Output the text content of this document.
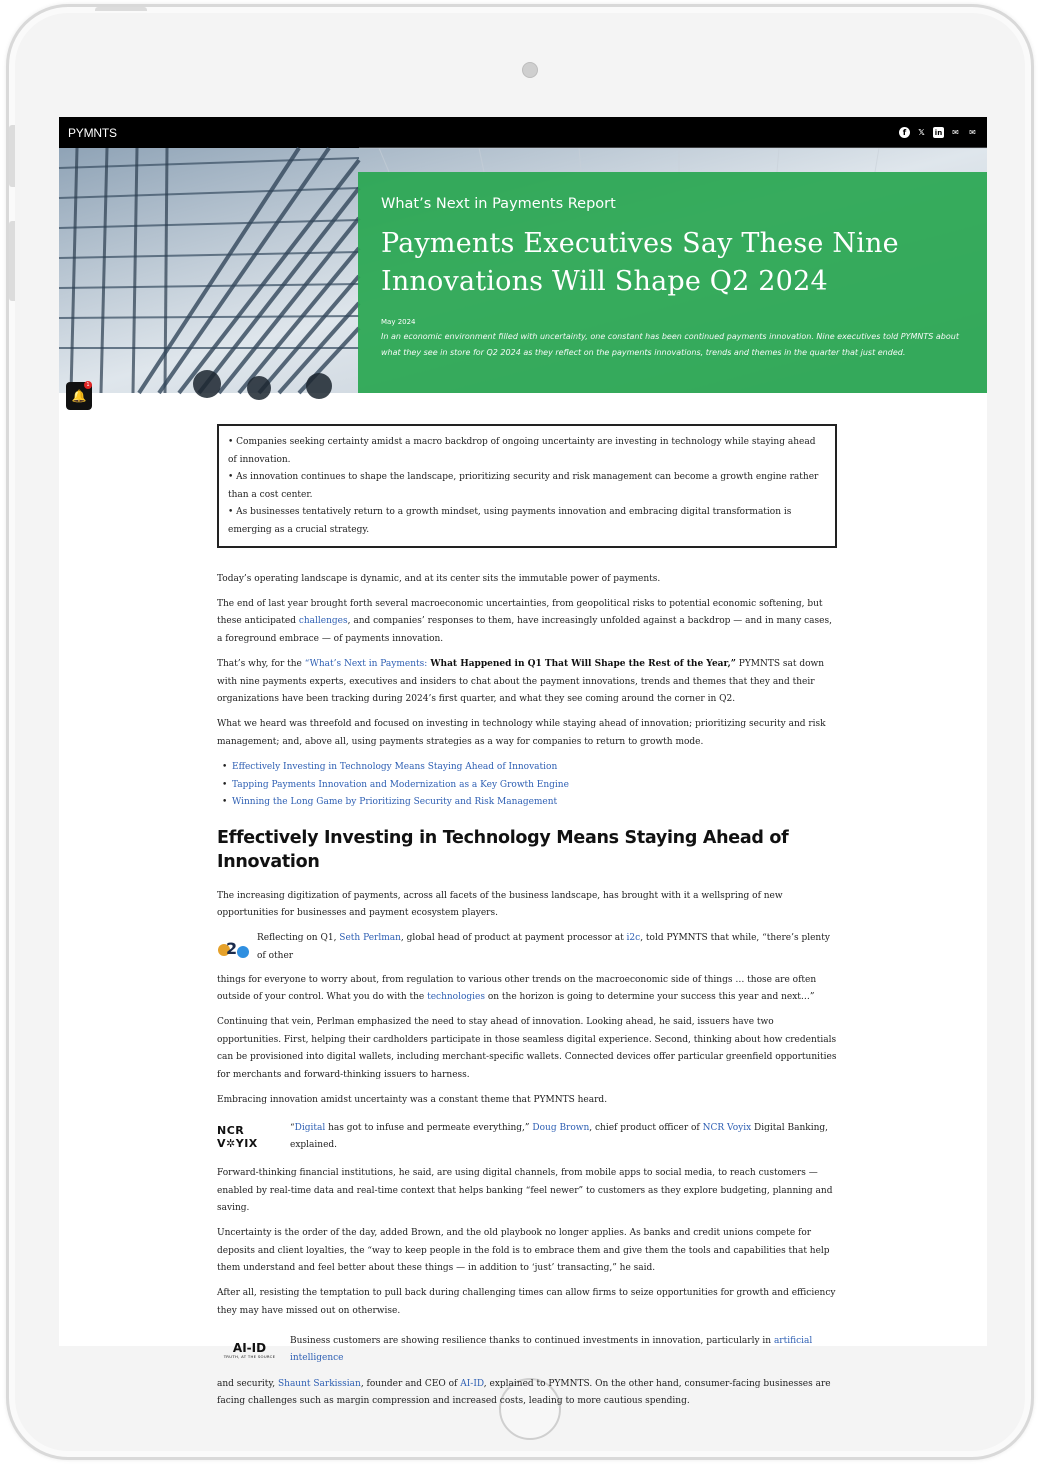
PYMNTS	f	𝕏	in ✉ ✉
What’s Next in Payments Report
Payments Executives Say These Nine Innovations Will Shape Q2 2024
May 2024
In an economic environment filled with uncertainty, one constant has been continued payments innovation. Nine executives told PYMNTS about what they see in store for Q2 2024 as they reflect on the payments innovations, trends and themes in the quarter that just ended.
🔔
1
• Companies seeking certainty amidst a macro backdrop of ongoing uncertainty are investing in technology while staying ahead of innovation.
• As innovation continues to shape the landscape, prioritizing security and risk management can become a growth engine rather than a cost center.
• As businesses tentatively return to a growth mindset, using payments innovation and embracing digital transformation is emerging as a crucial strategy.

Today’s operating landscape is dynamic, and at its center sits the immutable power of payments.

The end of last year brought forth several macroeconomic uncertainties, from geopolitical risks to potential economic softening, but these anticipated challenges, and companies’ responses to them, have increasingly unfolded against a backdrop — and in many cases, a foreground embrace — of payments innovation.

That’s why, for the “What’s Next in Payments: What Happened in Q1 That Will Shape the Rest of the Year,” PYMNTS sat down with nine payments experts, executives and insiders to chat about the payment innovations, trends and themes that they and their organizations have been tracking during 2024’s first quarter, and what they see coming around the corner in Q2.

What we heard was threefold and focused on investing in technology while staying ahead of innovation; prioritizing security and risk management; and, above all, using payments strategies as a way for companies to return to growth mode.

• Effectively Investing in Technology Means Staying Ahead of Innovation
• Tapping Payments Innovation and Modernization as a Key Growth Engine
• Winning the Long Game by Prioritizing Security and Risk Management
Effectively Investing in Technology Means Staying Ahead of Innovation

The increasing digitization of payments, across all facets of the business landscape, has brought with it a wellspring of new opportunities for businesses and payment ecosystem players.

2

Reflecting on Q1, Seth Perlman, global head of product at payment processor at i2c, told PYMNTS that while, “there’s plenty of other

things for everyone to worry about, from regulation to various other trends on the macroeconomic side of things … those are often outside of your control. What you do with the technologies on the horizon is going to determine your success this year and next…”

Continuing that vein, Perlman emphasized the need to stay ahead of innovation. Looking ahead, he said, issuers have two opportunities. First, helping their cardholders participate in those seamless digital experience. Second, thinking about how credentials can be provisioned into digital wallets, including merchant-specific wallets. Connected devices offer particular greenfield opportunities for merchants and forward-thinking issuers to harness.

Embracing innovation amidst uncertainty was a constant theme that PYMNTS heard.

NCR V✲YIX

“Digital has got to infuse and permeate everything,” Doug Brown, chief product officer of NCR Voyix Digital Banking, explained.

Forward-thinking financial institutions, he said, are using digital channels, from mobile apps to social media, to reach customers — enabled by real-time data and real-time context that helps banking “feel newer” to customers as they explore budgeting, planning and saving.

Uncertainty is the order of the day, added Brown, and the old playbook no longer applies. As banks and credit unions compete for deposits and client loyalties, the “way to keep people in the fold is to embrace them and give them the tools and capabilities that help them understand and feel better about these things — in addition to ‘just’ transacting,” he said.

After all, resisting the temptation to pull back during challenging times can allow firms to seize opportunities for growth and efficiency they may have missed out on otherwise.

AI-ID
TRUTH, AT THE SOURCE

Business customers are showing resilience thanks to continued investments in innovation, particularly in artificial intelligence

and security, Shaunt Sarkissian, founder and CEO of AI-ID, explained to PYMNTS. On the other hand, consumer-facing businesses are facing challenges such as margin compression and increased costs, leading to more cautious spending.
